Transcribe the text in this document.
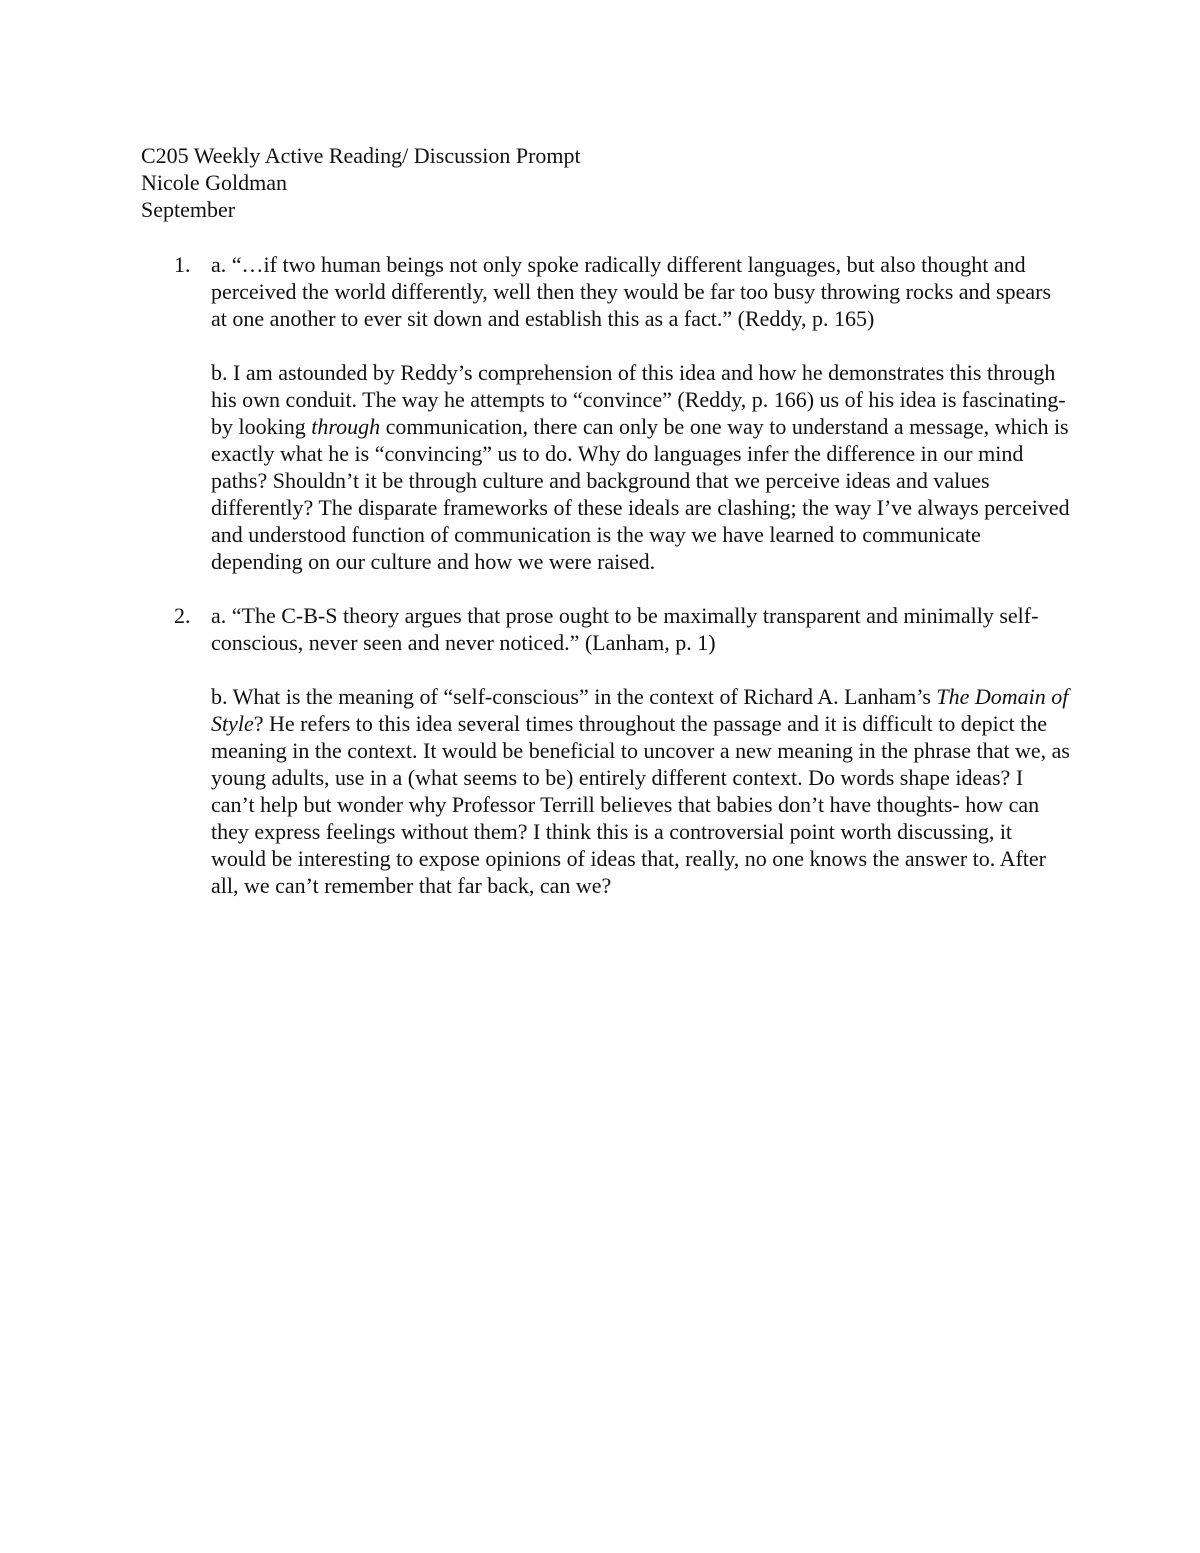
C205 Weekly Active Reading/ Discussion Prompt
Nicole Goldman
September
1. a. “…if two human beings not only spoke radically different languages, but also thought and perceived the world differently, well then they would be far too busy throwing rocks and spears at one another to ever sit down and establish this as a fact.” (Reddy, p. 165)

b. I am astounded by Reddy’s comprehension of this idea and how he demonstrates this through his own conduit. The way he attempts to “convince” (Reddy, p. 166) us of his idea is fascinating- by looking through communication, there can only be one way to understand a message, which is exactly what he is “convincing” us to do. Why do languages infer the difference in our mind paths? Shouldn’t it be through culture and background that we perceive ideas and values differently? The disparate frameworks of these ideals are clashing; the way I’ve always perceived and understood function of communication is the way we have learned to communicate depending on our culture and how we were raised.

2. a. “The C-B-S theory argues that prose ought to be maximally transparent and minimally self-conscious, never seen and never noticed.” (Lanham, p. 1)

b. What is the meaning of “self-conscious” in the context of Richard A. Lanham’s The Domain of Style? He refers to this idea several times throughout the passage and it is difficult to depict the meaning in the context. It would be beneficial to uncover a new meaning in the phrase that we, as young adults, use in a (what seems to be) entirely different context. Do words shape ideas? I can’t help but wonder why Professor Terrill believes that babies don’t have thoughts- how can they express feelings without them? I think this is a controversial point worth discussing, it would be interesting to expose opinions of ideas that, really, no one knows the answer to. After all, we can’t remember that far back, can we?
